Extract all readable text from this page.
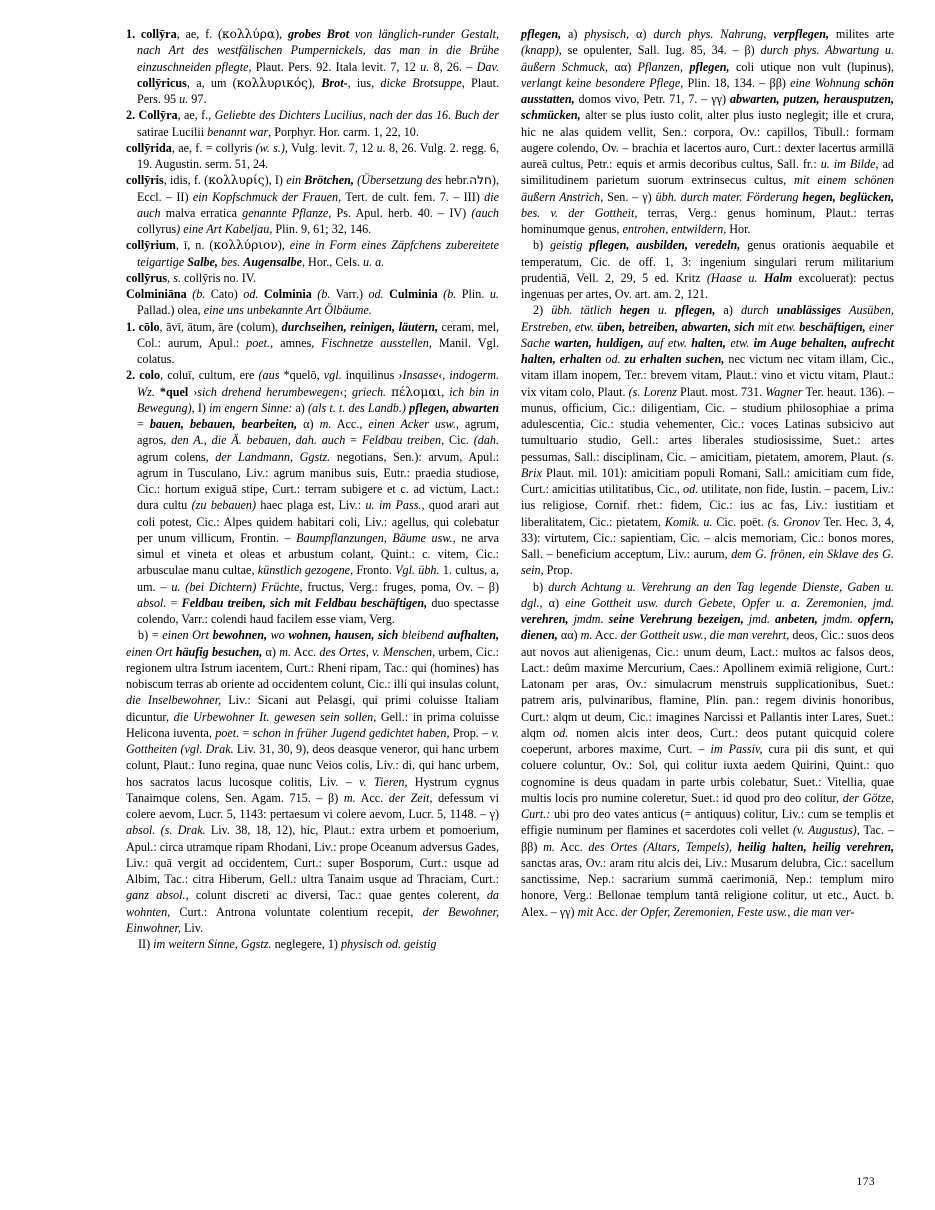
1. collȳra, ae, f. (κολλύρα), grobes Brot von länglich-runder Gestalt, nach Art des westfälischen Pumpernickels, das man in die Brühe einzuschneiden pflegte, Plaut. Pers. 92. Itala levit. 7, 12 u. 8, 26. – Dav. collȳricus, a, um (κολλυρικός), Brot-, ius, dicke Brotsuppe, Plaut. Pers. 95 u. 97.

2. Collȳra, ae, f., Geliebte des Dichters Lucilius, nach der das 16. Buch der satirae Lucilii benannt war, Porphyr. Hor. carm. 1, 22, 10.

collȳrida, ae, f. = collyris (w. s.), Vulg. levit. 7, 12 u. 8, 26. Vulg. 2. regg. 6, 19. Augustin. serm. 51, 24.

collȳris, idis, f. (κολλυρίς), I) ein Brötchen, (Übersetzung des hebr.חלה), Eccl. – II) ein Kopfschmuck der Frauen, Tert. de cult. fem. 7. – III) die auch malva erratica genannte Pflanze, Ps. Apul. herb. 40. – IV) (auch collyrus) eine Art Kabeljau, Plin. 9, 61; 32, 146.

collȳrium, ī, n. (κολλύριον), eine in Form eines Zäpfchens zubereitete teigartige Salbe, bes. Augensalbe, Hor., Cels. u. a.

collȳrus, s. collȳris no. IV.

Colminiāna (b. Cato) od. Colminia (b. Varr.) od. Culminia (b. Plin. u. Pallad.) olea, eine uns unbekannte Art Ölbäume.

1. cōlo, āvī, ātum, āre (colum), durchseihen, reinigen, läutern, ceram, mel, Col.: aurum, Apul.: poet., amnes, Fischnetze ausstellen, Manil. Vgl. colatus.

2. colo, coluī, cultum, ere (aus *quelō, vgl. inquilinus ›Insasse‹, indogerm. Wz. *quel ›sich drehend herumbewegen‹; griech. πέλομαι, ich bin in Bewegung), I) im engern Sinne: a) (als t. t. des Landb.) pflegen, abwarten = bauen, bebauen, bearbeiten, α) m. Acc., einen Acker usw., agrum, agros, den A., die Ä. bebauen, dah. auch = Feldbau treiben, Cic. (dah. agrum colens, der Landmann, Ggstz. negotians, Sen.): arvum, Apul.: agrum in Tusculano, Liv.: agrum manibus suis, Eutr.: praedia studiose, Cic.: hortum exiguā stipe, Curt.: terram subigere et c. ad victum, Lact.: dura cultu (zu bebauen) haec plaga est, Liv.: u. im Pass., quod arari aut coli potest, Cic.: Alpes quidem habitari coli, Liv.: agellus, qui colebatur per unum villicum, Frontin. – Baumpflanzungen, Bäume usw., ne arva simul et vineta et oleas et arbustum colant, Quint.: c. vitem, Cic.: arbusculae manu cultae, künstlich gezogene, Fronto. Vgl. übh. 1. cultus, a, um. – u. (bei Dichtern) Früchte, fructus, Verg.: fruges, poma, Ov. – β) absol. = Feldbau treiben, sich mit Feldbau beschäftigen, duo spectasse colendo, Varr.: colendi haud facilem esse viam, Verg.

b) = einen Ort bewohnen, wo wohnen, hausen, sich bleibend aufhalten, einen Ort häufig besuchen, α) m. Acc. des Ortes, v. Menschen, urbem, Cic.: regionem ultra Istrum iacentem, Curt.: Rheni ripam, Tac.: qui (homines) has nobiscum terras ab oriente ad occidentem colunt, Cic.: illi qui insulas colunt, die Inselbewohner, Liv.: Sicani aut Pelasgi, qui primi coluisse Italiam dicuntur, die Urbewohner It. gewesen sein sollen, Gell.: in prima coluisse Helicona iuventa, poet. = schon in früher Jugend gedichtet haben, Prop. – v. Gottheiten (vgl. Drak. Liv. 31, 30, 9), deos deasque veneror, qui hanc urbem colunt, Plaut.: Iuno regina, quae nunc Veios colis, Liv.: di, qui hanc urbem, hos sacratos lacus lucosque colitis, Liv. – v. Tieren, Hystrum cygnus Tanaimque colens, Sen. Agam. 715. – β) m. Acc. der Zeit, defessum vi colere aevom, Lucr. 5, 1143: pertaesum vi colere aevom, Lucr. 5, 1148. – γ) absol. (s. Drak. Liv. 38, 18, 12), hic, Plaut.: extra urbem et pomoerium, Apul.: circa utramque ripam Rhodani, Liv.: prope Oceanum adversus Gades, Liv.: quā vergit ad occidentem, Curt.: super Bosporum, Curt.: usque ad Albim, Tac.: citra Hiberum, Gell.: ultra Tanaim usque ad Thraciam, Curt.: ganz absol., colunt discreti ac diversi, Tac.: quae gentes colerent, da wohnten, Curt.: Antrona voluntate colentium recepit, der Bewohner, Einwohner, Liv.

II) im weitern Sinne, Ggstz. neglegere, 1) physisch od. geistig

pflegen, a) physisch, α) durch phys. Nahrung, verpflegen, milites arte (knapp), se opulenter, Sall. Iug. 85, 34. – β) durch phys. Abwartung u. äußern Schmuck, αα) Pflanzen, pflegen, coli utique non vult (lupinus), verlangt keine besondere Pflege, Plin. 18, 134. – ββ) eine Wohnung schön ausstatten, domos vivo, Petr. 71, 7. – γγ) abwarten, putzen, herausputzen, schmücken, alter se plus iusto colit, alter plus iusto neglegit; ille et crura, hic ne alas quidem vellit, Sen.: corpora, Ov.: capillos, Tibull.: formam augere colendo, Ov. – brachia et lacertos auro, Curt.: dexter lacertus armillā aureā cultus, Petr.: equis et armis decoribus cultus, Sall. fr.: u. im Bilde, ad similitudinem parietum suorum extrinsecus cultus, mit einem schönen äußern Anstrich, Sen. – γ) übh. durch mater. Förderung hegen, beglücken, bes. v. der Gottheit, terras, Verg.: genus hominum, Plaut.: terras hominumque genus, entrohen, entwildern, Hor.

b) geistig pflegen, ausbilden, veredeln, genus orationis aequabile et temperatum, Cic. de off. 1, 3: ingenium singulari rerum militarium prudentiā, Vell. 2, 29, 5 ed. Kritz (Haase u. Halm excoluerat): pectus ingenuas per artes, Ov. art. am. 2, 121.

2) übh. tätlich hegen u. pflegen, a) durch unablässiges Ausüben, Erstreben, etw. üben, betreiben, abwarten, sich mit etw. beschäftigen, einer Sache warten, huldigen, auf etw. halten, etw. im Auge behalten, aufrecht halten, erhalten od. zu erhalten suchen, nec victum nec vitam illam, Cic., vitam illam inopem, Ter.: brevem vitam, Plaut.: vino et victu vitam, Plaut.: vix vitam colo, Plaut. (s. Lorenz Plaut. most. 731. Wagner Ter. heaut. 136). – munus, officium, Cic.: diligentiam, Cic. – studium philosophiae a prima adulescentia, Cic.: studia vehementer, Cic.: voces Latinas subsicivo aut tumultuario studio, Gell.: artes liberales studiosissime, Suet.: artes pessumas, Sall.: disciplinam, Cic. – amicitiam, pietatem, amorem, Plaut. (s. Brix Plaut. mil. 101): amicitiam populi Romani, Sall.: amicitiam cum fide, Curt.: amicitias utilitatibus, Cic., od. utilitate, non fide, Iustin. – pacem, Liv.: ius religiose, Cornif. rhet.: fidem, Cic.: ius ac fas, Liv.: iustitiam et liberalitatem, Cic.: pietatem, Komik. u. Cic. poët. (s. Gronov Ter. Hec. 3, 4, 33): virtutem, Cic.: sapientiam, Cic. – alcis memoriam, Cic.: bonos mores, Sall. – beneficium acceptum, Liv.: aurum, dem G. frönen, ein Sklave des G. sein, Prop.

b) durch Achtung u. Verehrung an den Tag legende Dienste, Gaben u. dgl., α) eine Gottheit usw. durch Gebete, Opfer u. a. Zeremonien, jmd. verehren, jmdm. seine Verehrung bezeigen, jmd. anbeten, jmdm. opfern, dienen, αα) m. Acc. der Gottheit usw., die man verehrt, deos, Cic.: suos deos aut novos aut alienigenas, Cic.: unum deum, Lact.: multos ac falsos deos, Lact.: deûm maxime Mercurium, Caes.: Apollinem eximiā religione, Curt.: Latonam per aras, Ov.: simulacrum menstruis supplicationibus, Suet.: patrem aris, pulvinaribus, flamine, Plin. pan.: regem divinis honoribus, Curt.: alqm ut deum, Cic.: imagines Narcissi et Pallantis inter Lares, Suet.: alqm od. nomen alcis inter deos, Curt.: deos putant quicquid colere coeperunt, arbores maxime, Curt. – im Passiv, cura pii dis sunt, et qui coluere coluntur, Ov.: Sol, qui colitur iuxta aedem Quirini, Quint.: quo cognomine is deus quadam in parte urbis colebatur, Suet.: Vitellia, quae multis locis pro numine coleretur, Suet.: id quod pro deo colitur, der Götze, Curt.: ubi pro deo vates anticus (= antiquus) colitur, Liv.: cum se templis et effigie numinum per flamines et sacerdotes coli vellet (v. Augustus), Tac. – ββ) m. Acc. des Ortes (Altars, Tempels), heilig halten, heilig verehren, sanctas aras, Ov.: aram ritu alcis dei, Liv.: Musarum delubra, Cic.: sacellum sanctissime, Nep.: sacrarium summā caerimoniā, Nep.: templum miro honore, Verg.: Bellonae templum tantā religione colitur, ut etc., Auct. b. Alex. – γγ) mit Acc. der Opfer, Zeremonien, Feste usw., die man ver-

173
